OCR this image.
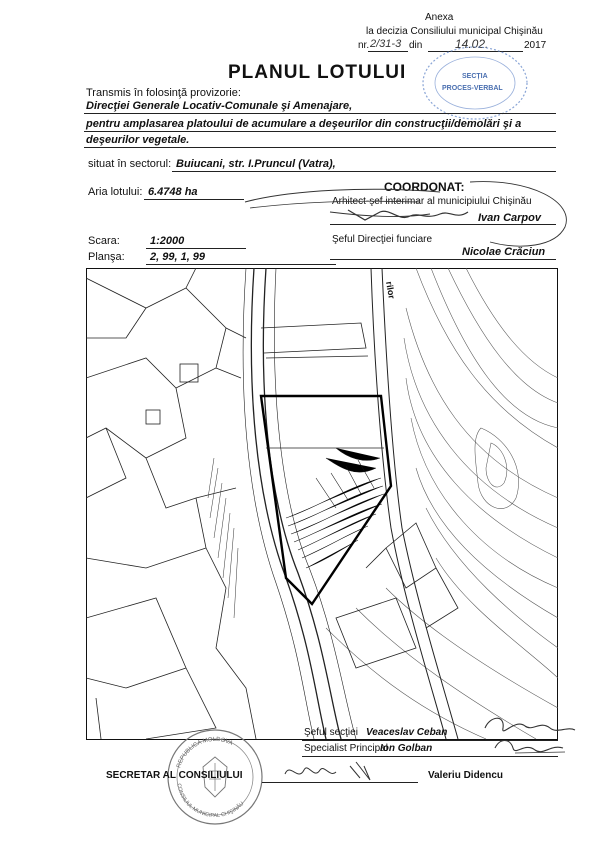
Anexa
la decizia Consiliului municipal Chişinău
nr. 2/31-3 din	14.02.	2017
SECȚIA
PROCES-VERBAL
PLANUL LOTULUI
Transmis în folosinţă provizorie:
Direcţiei Generale Locativ-Comunale şi Amenajare,
pentru amplasarea platoului de acumulare a deşeurilor din construcţii/demolări şi a
deşeurilor vegetale.
situat în sectorul: Buiucani, str. I.Pruncul (Vatra),
Aria lotului: 6.4748 ha	COORDONAT:
Arhitect-şef interimar al municipiului Chişinău
Ivan Carpov
Scara:	1:2000	Şeful Direcţiei funciare
Planşa: 2, 99, 1, 99	Nicolae Crăciun
rilor
Şeful secţiei Veaceslav Ceban
Specialist Principal
Ion Golban
REPUBLICA MOLDOVA
CONSILIUL MUNICIPAL CHIŞINĂU
SECRETAR AL CONSILIULUI	Valeriu Didencu
